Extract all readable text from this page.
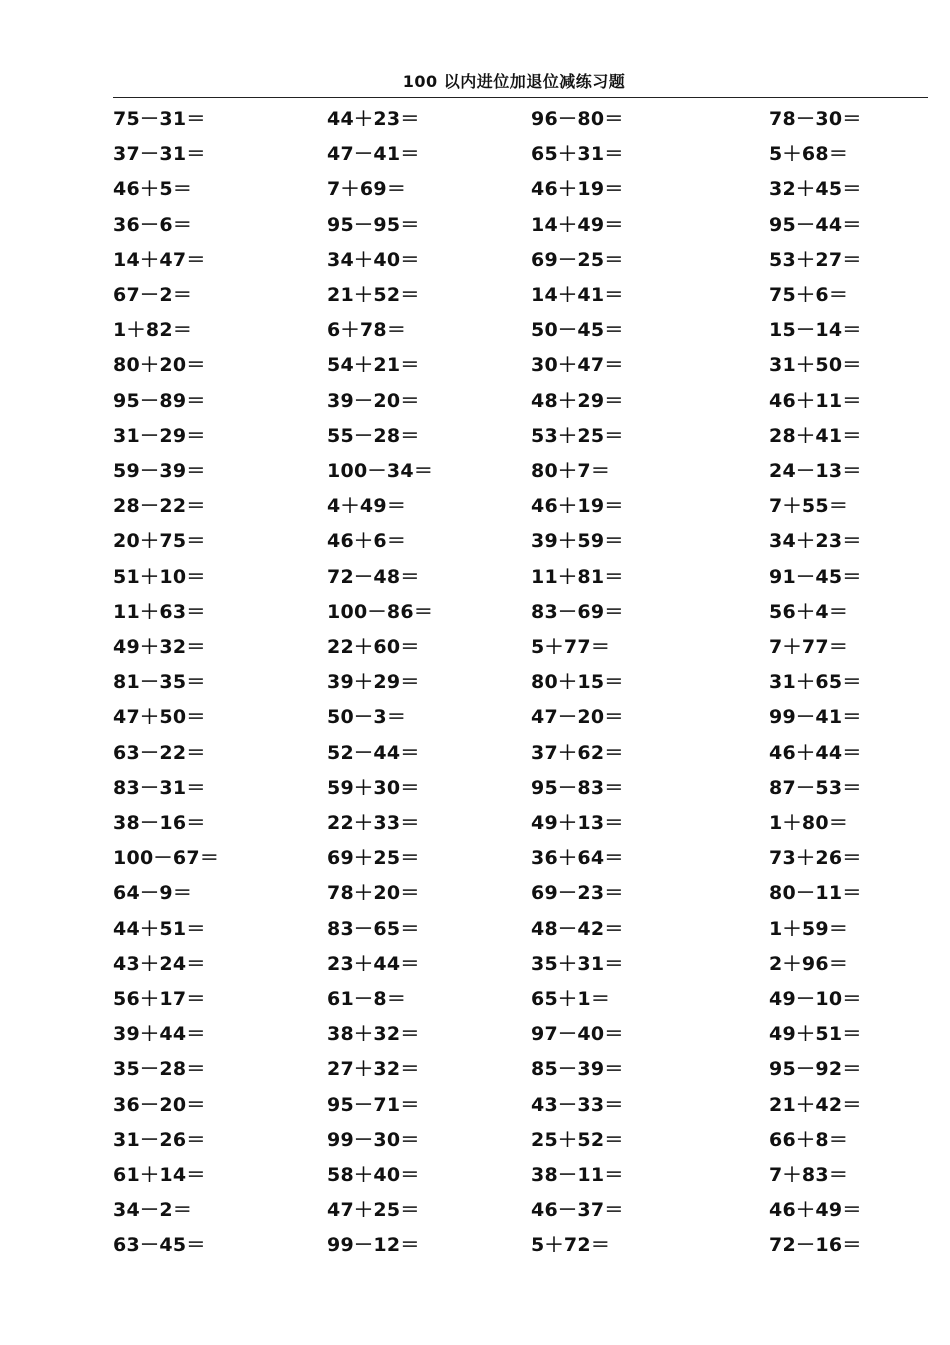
100 以内进位加退位减练习题
75－31＝
37－31＝
46＋5＝
36－6＝
14＋47＝
67－2＝
1＋82＝
80＋20＝
95－89＝
31－29＝
59－39＝
28－22＝
20＋75＝
51＋10＝
11＋63＝
49＋32＝
81－35＝
47＋50＝
63－22＝
83－31＝
38－16＝
100－67＝
64－9＝
44＋51＝
43＋24＝
56＋17＝
39＋44＝
35－28＝
36－20＝
31－26＝
61＋14＝
34－2＝
63－45＝
44＋23＝
47－41＝
7＋69＝
95－95＝
34＋40＝
21＋52＝
6＋78＝
54＋21＝
39－20＝
55－28＝
100－34＝
4＋49＝
46＋6＝
72－48＝
100－86＝
22＋60＝
39＋29＝
50－3＝
52－44＝
59＋30＝
22＋33＝
69＋25＝
78＋20＝
83－65＝
23＋44＝
61－8＝
38＋32＝
27＋32＝
95－71＝
99－30＝
58＋40＝
47＋25＝
99－12＝
96－80＝
65＋31＝
46＋19＝
14＋49＝
69－25＝
14＋41＝
50－45＝
30＋47＝
48＋29＝
53＋25＝
80＋7＝
46＋19＝
39＋59＝
11＋81＝
83－69＝
5＋77＝
80＋15＝
47－20＝
37＋62＝
95－83＝
49＋13＝
36＋64＝
69－23＝
48－42＝
35＋31＝
65＋1＝
97－40＝
85－39＝
43－33＝
25＋52＝
38－11＝
46－37＝
5＋72＝
78－30＝
5＋68＝
32＋45＝
95－44＝
53＋27＝
75＋6＝
15－14＝
31＋50＝
46＋11＝
28＋41＝
24－13＝
7＋55＝
34＋23＝
91－45＝
56＋4＝
7＋77＝
31＋65＝
99－41＝
46＋44＝
87－53＝
1＋80＝
73＋26＝
80－11＝
1＋59＝
2＋96＝
49－10＝
49＋51＝
95－92＝
21＋42＝
66＋8＝
7＋83＝
46＋49＝
72－16＝
